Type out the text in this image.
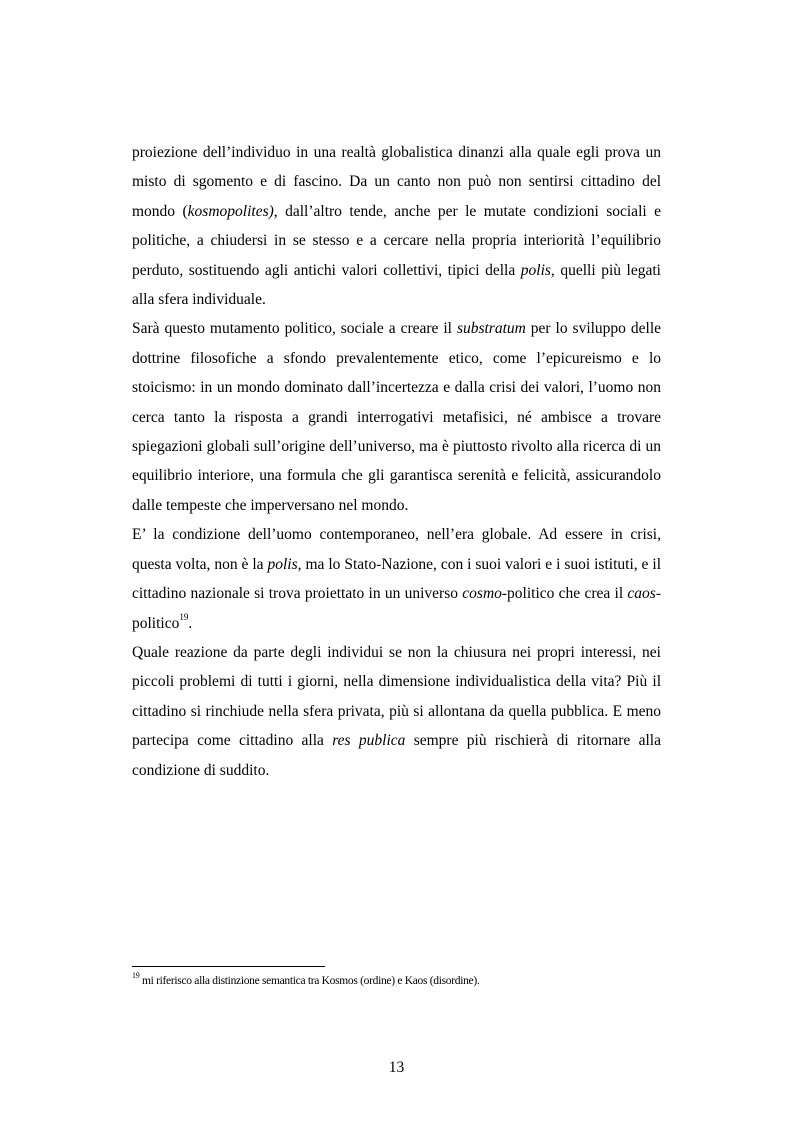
proiezione dell’individuo in una realtà globalistica dinanzi alla quale egli prova un misto di sgomento e di fascino. Da un canto non può non sentirsi cittadino del mondo (kosmopolites), dall’altro tende, anche per le mutate condizioni sociali e politiche, a chiudersi in se stesso e a cercare nella propria interiorità l’equilibrio perduto, sostituendo agli antichi valori collettivi, tipici della polis, quelli più legati alla sfera individuale.

Sarà questo mutamento politico, sociale a creare il substratum per lo sviluppo delle dottrine filosofiche a sfondo prevalentemente etico, come l’epicureismo e lo stoicismo: in un mondo dominato dall’incertezza e dalla crisi dei valori, l’uomo non cerca tanto la risposta a grandi interrogativi metafisici, né ambisce a trovare spiegazioni globali sull’origine dell’universo, ma è piuttosto rivolto alla ricerca di un equilibrio interiore, una formula che gli garantisca serenità e felicità, assicurandolo dalle tempeste che imperversano nel mondo.

E’ la condizione dell’uomo contemporaneo, nell’era globale. Ad essere in crisi, questa volta, non è la polis, ma lo Stato-Nazione, con i suoi valori e i suoi istituti, e il cittadino nazionale si trova proiettato in un universo cosmo-politico che crea il caos-politico$^{19}$.

Quale reazione da parte degli individui se non la chiusura nei propri interessi, nei piccoli problemi di tutti i giorni, nella dimensione individualistica della vita? Più il cittadino si rinchiude nella sfera privata, più si allontana da quella pubblica. E meno partecipa come cittadino alla res publica sempre più rischierà di ritornare alla condizione di suddito.

$^{19}$ mi riferisco alla distinzione semantica tra Kosmos (ordine) e Kaos (disordine).
13
